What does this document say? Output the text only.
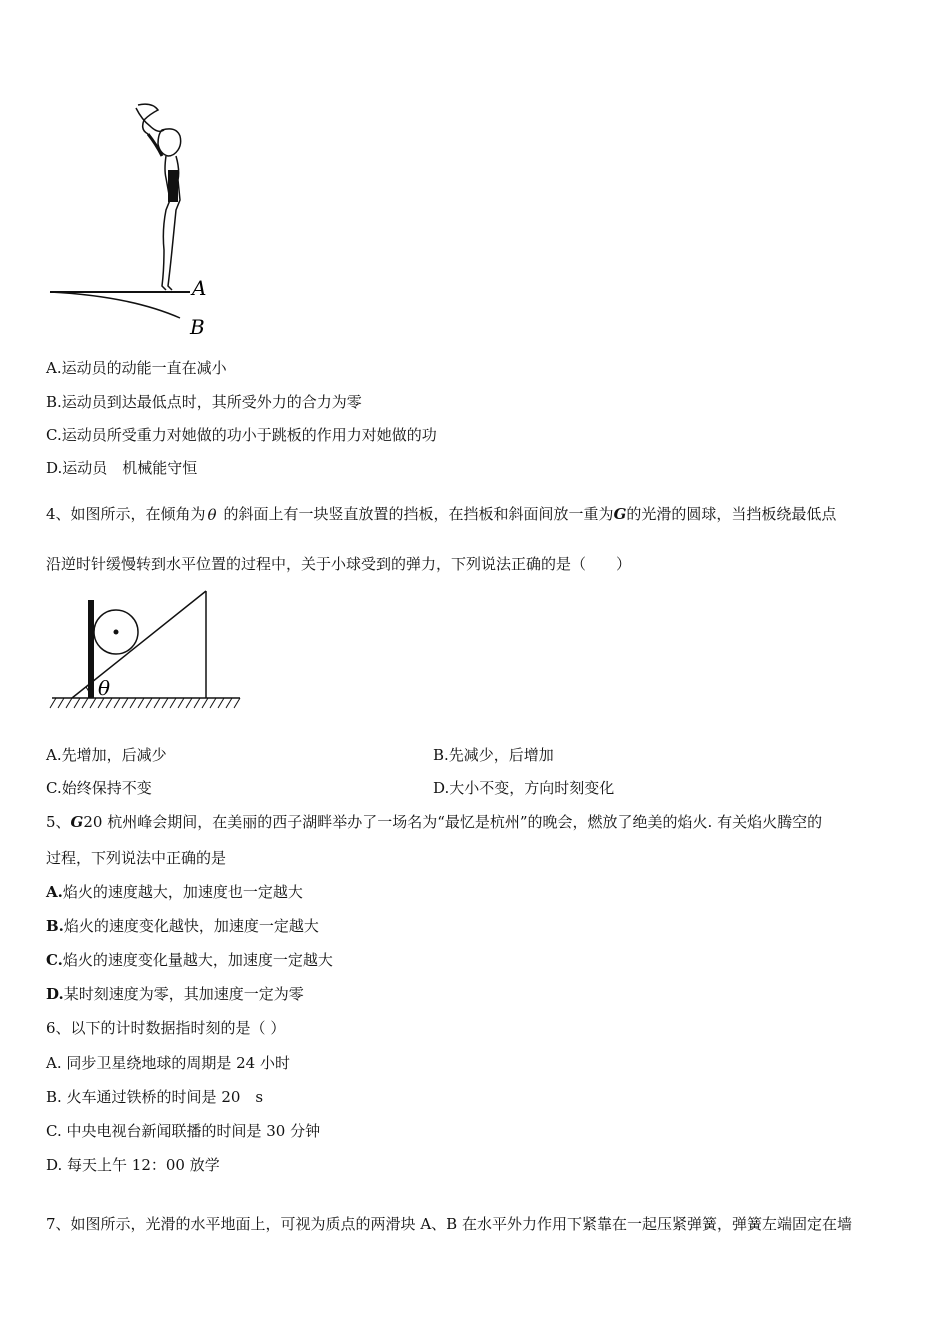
A
B
A.运动员的动能一直在减小
B.运动员到达最低点时，其所受外力的合力为零
C.运动员所受重力对她做的功小于跳板的作用力对她做的功
D.运动员　机械能守恒
4、如图所示，在倾角为 θ 的斜面上有一块竖直放置的挡板，在挡板和斜面间放一重为G的光滑的圆球，当挡板绕最低点
沿逆时针缓慢转到水平位置的过程中，关于小球受到的弹力，下列说法正确的是（　　）
θ
A.先增加，后减少	B.先减少，后增加
C.始终保持不变	D.大小不变，方向时刻变化
5、G20 杭州峰会期间，在美丽的西子湖畔举办了一场名为“最忆是杭州”的晚会，燃放了绝美的焰火. 有关焰火腾空的
过程，下列说法中正确的是
A.焰火的速度越大，加速度也一定越大
B.焰火的速度变化越快，加速度一定越大
C.焰火的速度变化量越大，加速度一定越大
D.某时刻速度为零，其加速度一定为零
6、以下的计时数据指时刻的是（ ）
A. 同步卫星绕地球的周期是 24 小时
B. 火车通过铁桥的时间是 20　s
C. 中央电视台新闻联播的时间是 30 分钟
D. 每天上午 12：00 放学
7、如图所示，光滑的水平地面上，可视为质点的两滑块 A、B 在水平外力作用下紧靠在一起压紧弹簧，弹簧左端固定在墙
